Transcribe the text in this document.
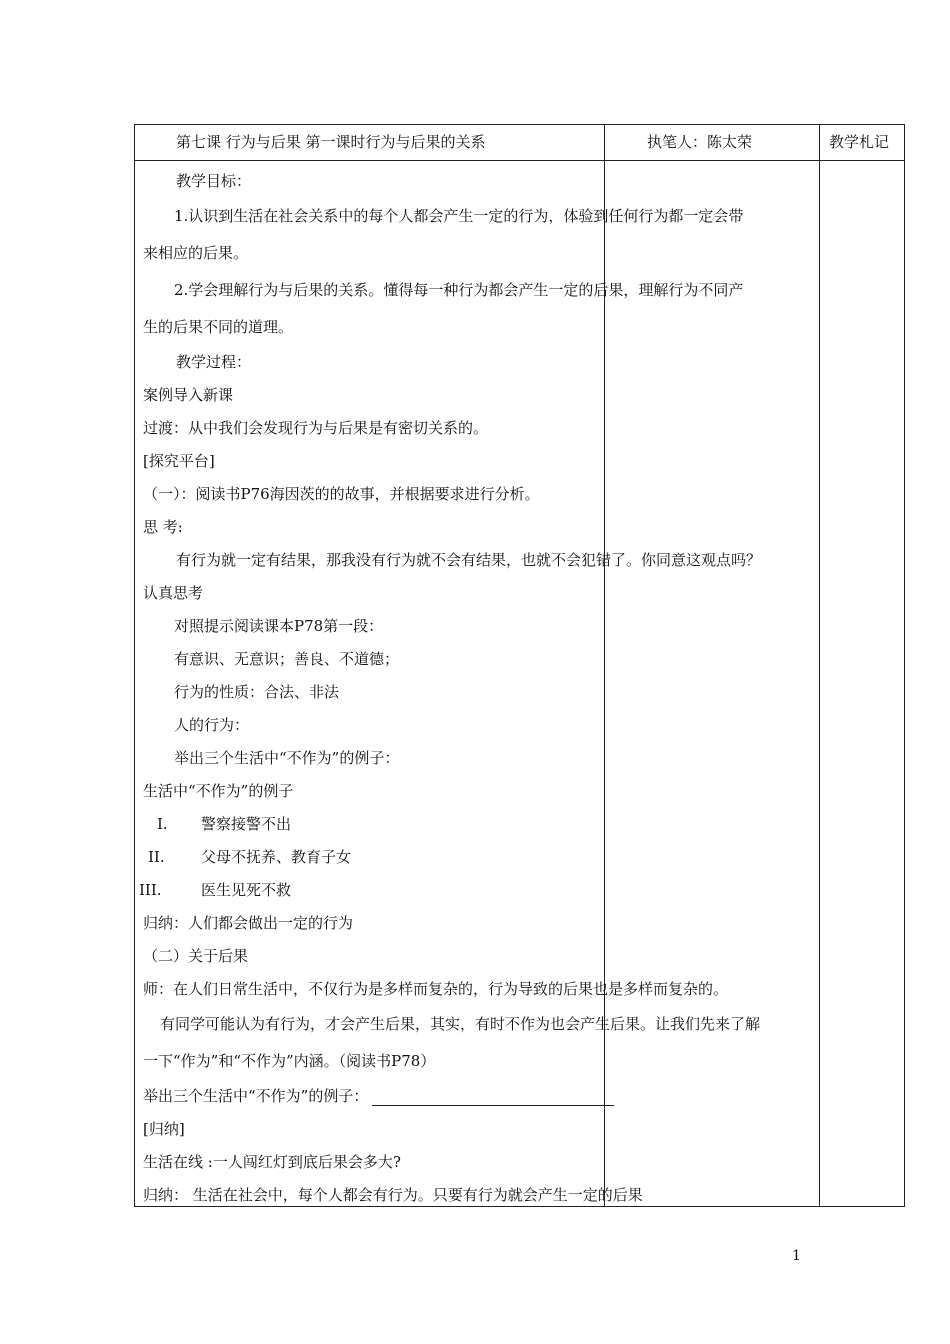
第七课 行为与后果 第一课时行为与后果的关系	执笔人：陈太荣	教学札记
教学目标：
1.认识到生活在社会关系中的每个人都会产生一定的行为，体验到任何行为都一定会带
来相应的后果。
2.学会理解行为与后果的关系。懂得每一种行为都会产生一定的后果，理解行为不同产
生的后果不同的道理。
教学过程：
案例导入新课
过渡：从中我们会发现行为与后果是有密切关系的。
[探究平台]
（一）：阅读书P76海因茨的的故事，并根据要求进行分析。
思 考:
有行为就一定有结果，那我没有行为就不会有结果，也就不会犯错了。你同意这观点吗？
认真思考
对照提示阅读课本P78第一段：
有意识、无意识；善良、不道德；
行为的性质：合法、非法
人的行为：
举出三个生活中“不作为”的例子：
生活中“不作为”的例子
I. 警察接警不出
II. 父母不抚养、教育子女
III.	医生见死不救
归纳：人们都会做出一定的行为
（二）关于后果
师：在人们日常生活中，不仅行为是多样而复杂的，行为导致的后果也是多样而复杂的。
有同学可能认为有行为，才会产生后果，其实，有时不作为也会产生后果。让我们先来了解
一下“作为”和“不作为”内涵。（阅读书P78）
举出三个生活中“不作为”的例子：
[归纳]
生活在线 :一人闯红灯到底后果会多大?
归纳： 生活在社会中，每个人都会有行为。只要有行为就会产生一定的后果
1
